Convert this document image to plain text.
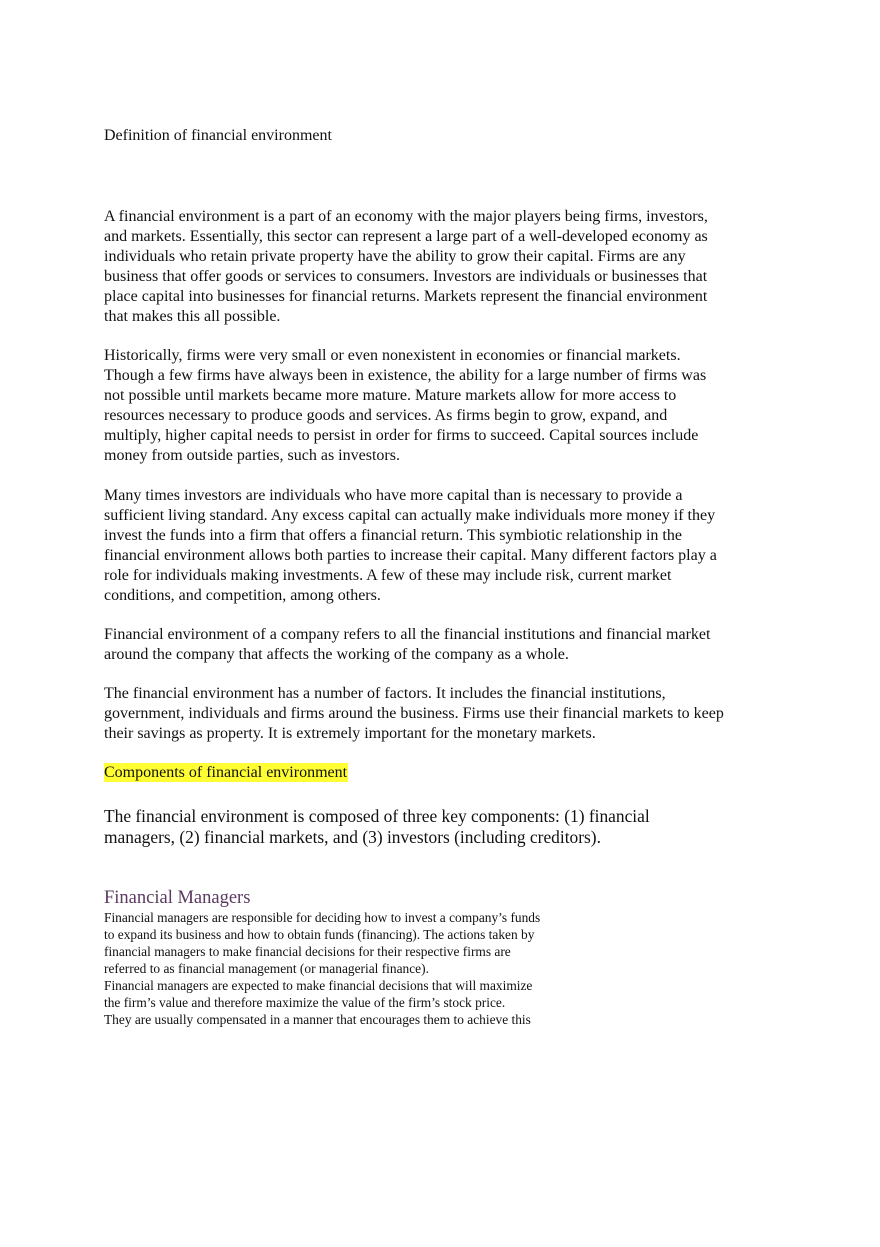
Definition of financial environment

A financial environment is a part of an economy with the major players being firms, investors,
and markets. Essentially, this sector can represent a large part of a well-developed economy as
individuals who retain private property have the ability to grow their capital. Firms are any
business that offer goods or services to consumers. Investors are individuals or businesses that
place capital into businesses for financial returns. Markets represent the financial environment
that makes this all possible.

Historically, firms were very small or even nonexistent in economies or financial markets.
Though a few firms have always been in existence, the ability for a large number of firms was
not possible until markets became more mature. Mature markets allow for more access to
resources necessary to produce goods and services. As firms begin to grow, expand, and
multiply, higher capital needs to persist in order for firms to succeed. Capital sources include
money from outside parties, such as investors.

Many times investors are individuals who have more capital than is necessary to provide a
sufficient living standard. Any excess capital can actually make individuals more money if they
invest the funds into a firm that offers a financial return. This symbiotic relationship in the
financial environment allows both parties to increase their capital. Many different factors play a
role for individuals making investments. A few of these may include risk, current market
conditions, and competition, among others.

Financial environment of a company refers to all the financial institutions and financial market
around the company that affects the working of the company as a whole.

The financial environment has a number of factors. It includes the financial institutions,
government, individuals and firms around the business. Firms use their financial markets to keep
their savings as property. It is extremely important for the monetary markets.

Components of financial environment

The financial environment is composed of three key components: (1) financial
managers, (2) financial markets, and (3) investors (including creditors).

Financial Managers

Financial managers are responsible for deciding how to invest a company’s funds
to expand its business and how to obtain funds (financing). The actions taken by
financial managers to make financial decisions for their respective firms are
referred to as financial management (or managerial finance).
Financial managers are expected to make financial decisions that will maximize
the firm’s value and therefore maximize the value of the firm’s stock price.
They are usually compensated in a manner that encourages them to achieve this
